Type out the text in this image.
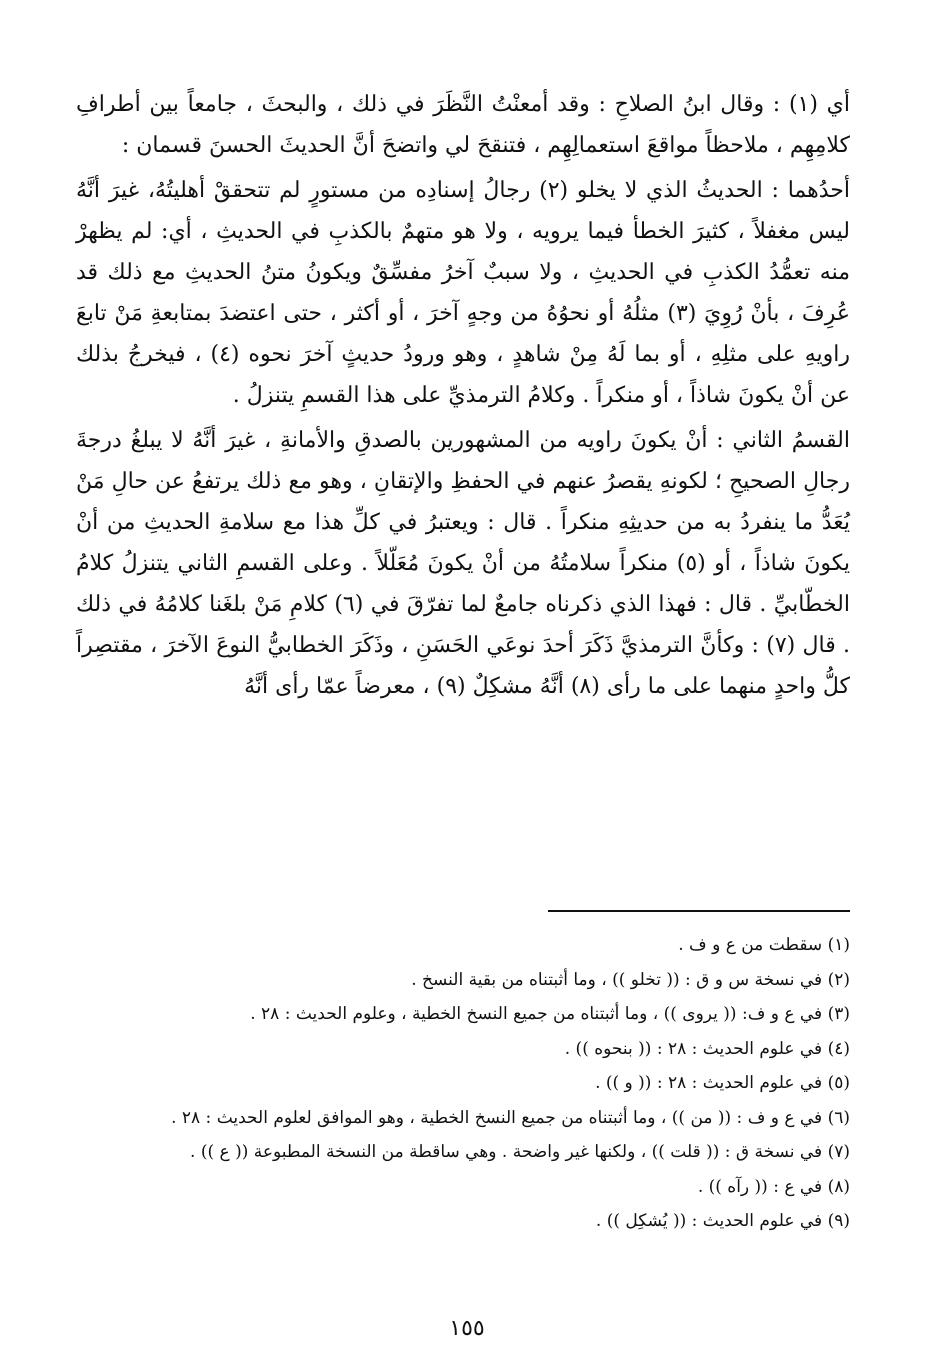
أي (١) : وقال ابنُ الصلاحِ : وقد أمعنْتُ النَّظَرَ في ذلك ، والبحثَ ، جامعاً بين أطرافِ كلامِهِم ، ملاحظاً مواقعَ استعمالِهِم ، فتنقحَ لي واتضحَ أنَّ الحديثَ الحسنَ قسمان :

أحدُهما : الحديثُ الذي لا يخلو (٢) رجالُ إسنادِه من مستورٍ لم تتحققْ أهليتُهُ، غيرَ أنَّهُ ليس مغفلاً ، كثيرَ الخطأ فيما يرويه ، ولا هو متهمٌ بالكذبِ في الحديثِ ، أي: لم يظهرْ منه تعمُّدُ الكذبِ في الحديثِ ، ولا سببٌ آخرُ مفسِّقٌ ويكونُ متنُ الحديثِ مع ذلك قد عُرِفَ ، بأنْ رُوِيَ (٣) مثلُهُ أو نحوُهُ من وجهٍ آخرَ ، أو أكثر ، حتى اعتضدَ بمتابعةِ مَنْ تابعَ راويهِ على مثلِهِ ، أو بما لَهُ مِنْ شاهدٍ ، وهو ورودُ حديثٍ آخرَ نحوه (٤) ، فيخرجُ بذلك عن أنْ يكونَ شاذاً ، أو منكراً . وكلامُ الترمذيِّ على هذا القسمِ يتنزلُ .

القسمُ الثاني : أنْ يكونَ راويه من المشهورين بالصدقِ والأمانةِ ، غيرَ أنَّهُ لا يبلغُ درجةَ رجالِ الصحيحِ ؛ لكونهِ يقصرُ عنهم في الحفظِ والإتقانِ ، وهو مع ذلك يرتفعُ عن حالِ مَنْ يُعَدُّ ما ينفردُ به من حديثِهِ منكراً . قال : ويعتبرُ في كلِّ هذا مع سلامةِ الحديثِ من أنْ يكونَ شاذاً ، أو (٥) منكراً سلامتُهُ من أنْ يكونَ مُعَلّلاً . وعلى القسمِ الثاني يتنزلُ كلامُ الخطّابيِّ . قال : فهذا الذي ذكرناه جامعٌ لما تفرّقَ في (٦) كلامِ مَنْ بلغَنا كلامُهُ في ذلك . قال (٧) : وكأنَّ الترمذيَّ ذَكَرَ أحدَ نوعَي الحَسَنِ ، وذَكَرَ الخطابيُّ النوعَ الآخرَ ، مقتصِراً كلُّ واحدٍ منهما على ما رأى (٨) أنَّهُ مشكِلٌ (٩) ، معرضاً عمّا رأى أنَّهُ

(١) سقطت من ع و ف .

(٢) في نسخة س و ق : (( تخلو )) ، وما أثبتناه من بقية النسخ .

(٣) في ع و ف: (( يروى )) ، وما أثبتناه من جميع النسخ الخطية ، وعلوم الحديث : ٢٨ .

(٤) في علوم الحديث : ٢٨ : (( بنحوه )) .

(٥) في علوم الحديث : ٢٨ : (( و )) .

(٦) في ع و ف : (( من )) ، وما أثبتناه من جميع النسخ الخطية ، وهو الموافق لعلوم الحديث : ٢٨ .

(٧) في نسخة ق : (( قلت )) ، ولكنها غير واضحة . وهي ساقطة من النسخة المطبوعة (( ع )) .

(٨) في ع : (( رآه )) .

(٩) في علوم الحديث : (( يُشكِل )) .

١٥٥
